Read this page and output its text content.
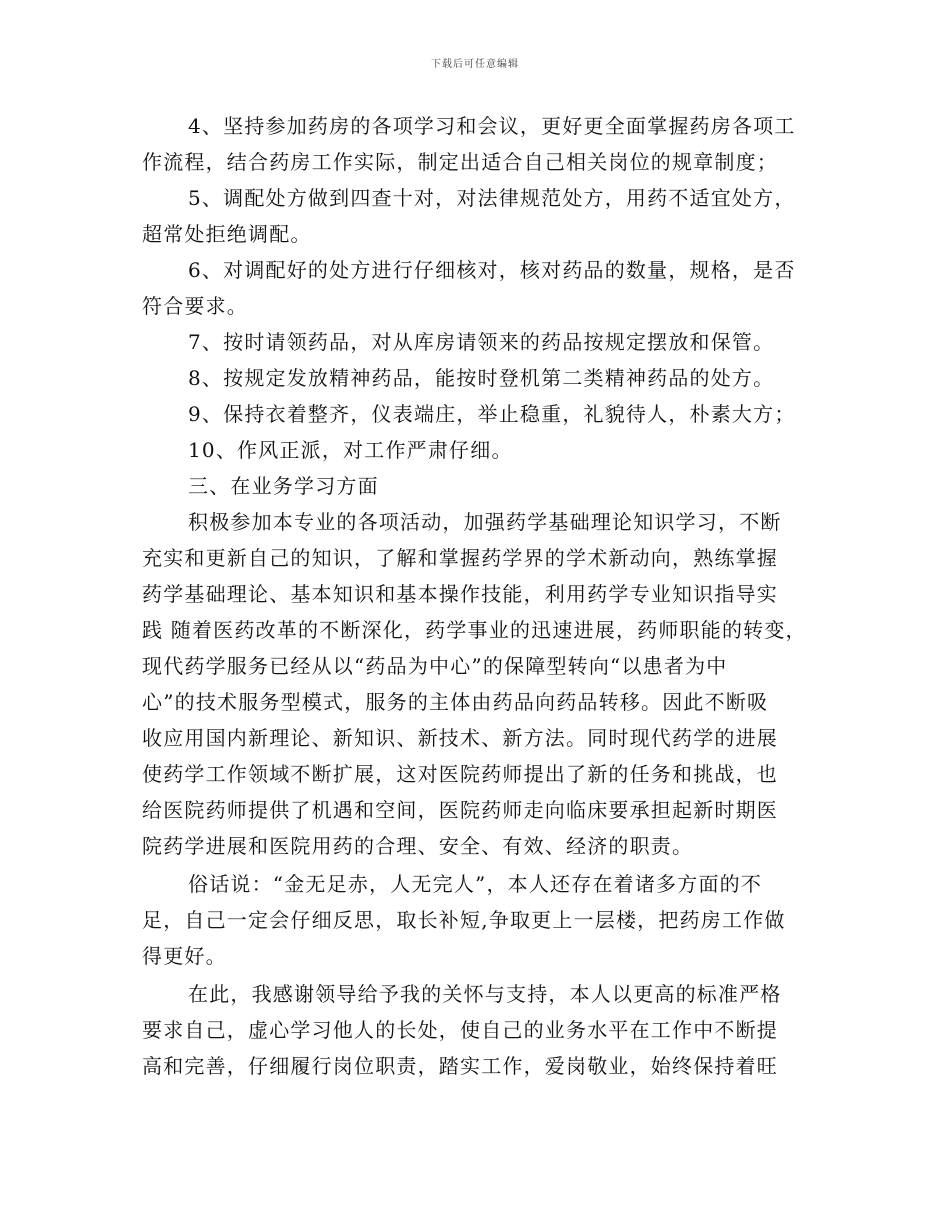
下载后可任意编辑
4、坚持参加药房的各项学习和会议，更好更全面掌握药房各项工
作流程，结合药房工作实际，制定出适合自己相关岗位的规章制度；
5、调配处方做到四查十对，对法律规范处方，用药不适宜处方，
超常处拒绝调配。
6、对调配好的处方进行仔细核对，核对药品的数量，规格，是否
符合要求。
7、按时请领药品，对从库房请领来的药品按规定摆放和保管。
8、按规定发放精神药品，能按时登机第二类精神药品的处方。
9、保持衣着整齐，仪表端庄，举止稳重，礼貌待人，朴素大方；
10、作风正派，对工作严肃仔细。
三、在业务学习方面
积极参加本专业的各项活动，加强药学基础理论知识学习，不断
充实和更新自己的知识，了解和掌握药学界的学术新动向，熟练掌握
药学基础理论、基本知识和基本操作技能，利用药学专业知识指导实
践 随着医药改革的不断深化，药学事业的迅速进展，药师职能的转变，
现代药学服务已经从以“药品为中心”的保障型转向“以患者为中
心”的技术服务型模式，服务的主体由药品向药品转移。因此不断吸
收应用国内新理论、新知识、新技术、新方法。同时现代药学的进展
使药学工作领域不断扩展，这对医院药师提出了新的任务和挑战，也
给医院药师提供了机遇和空间，医院药师走向临床要承担起新时期医
院药学进展和医院用药的合理、安全、有效、经济的职责。
俗话说：“金无足赤，人无完人”，本人还存在着诸多方面的不
足，自己一定会仔细反思，取长补短,争取更上一层楼，把药房工作做
得更好。
在此，我感谢领导给予我的关怀与支持，本人以更高的标准严格
要求自己，虚心学习他人的长处，使自己的业务水平在工作中不断提
高和完善，仔细履行岗位职责，踏实工作，爱岗敬业，始终保持着旺
